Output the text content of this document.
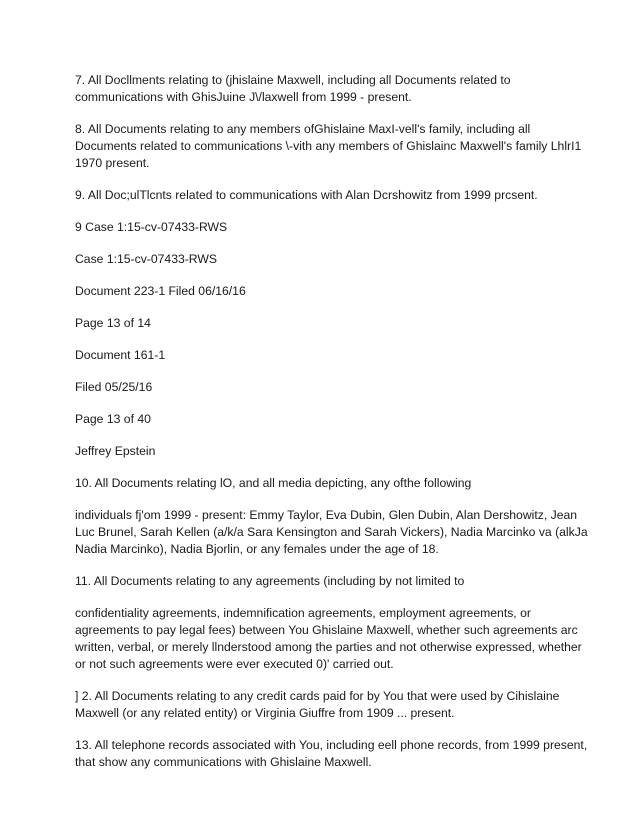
7. All Docllments relating to (jhislaine Maxwell, including all Documents related to
communications with GhisJuine J\/laxwell from 1999 - present.

8. All Documents relating to any members ofGhislaine MaxI-vell's family, including all
Documents related to communications \-vith any members of Ghislainc Maxwell's family LhlrI1
1970 present.

9. All Doc;ulTlcnts related to communications with Alan Dcrshowitz from 1999 prcsent.

9 Case 1:15-cv-07433-RWS

Case 1:15-cv-07433-RWS

Document 223-1 Filed 06/16/16

Page 13 of 14

Document 161-1

Filed 05/25/16

Page 13 of 40

Jeffrey Epstein

10. All Documents relating lO, and all media depicting, any ofthe following

individuals fj'om 1999 - present: Emmy Taylor, Eva Dubin, Glen Dubin, Alan Dershowitz, Jean
Luc Brunel, Sarah Kellen (a/k/a Sara Kensington and Sarah Vickers), Nadia Marcinko va (alkJa
Nadia Marcinko), Nadia Bjorlin, or any females under the age of 18.

11. All Documents relating to any agreements (including by not limited to

confidentiality agreements, indemnification agreements, employment agreements, or
agreements to pay legal fees) between You Ghislaine Maxwell, whether such agreements arc
written, verbal, or merely llnderstood among the parties and not otherwise expressed, whether
or not such agreements were ever executed 0)' carried out.

] 2. All Documents relating to any credit cards paid for by You that were used by Cihislaine
Maxwell (or any related entity) or Virginia Giuffre from 1909 ... present.

13. All telephone records associated with You, including eell phone records, from 1999 present,
that show any communications with Ghislaine Maxwell.
